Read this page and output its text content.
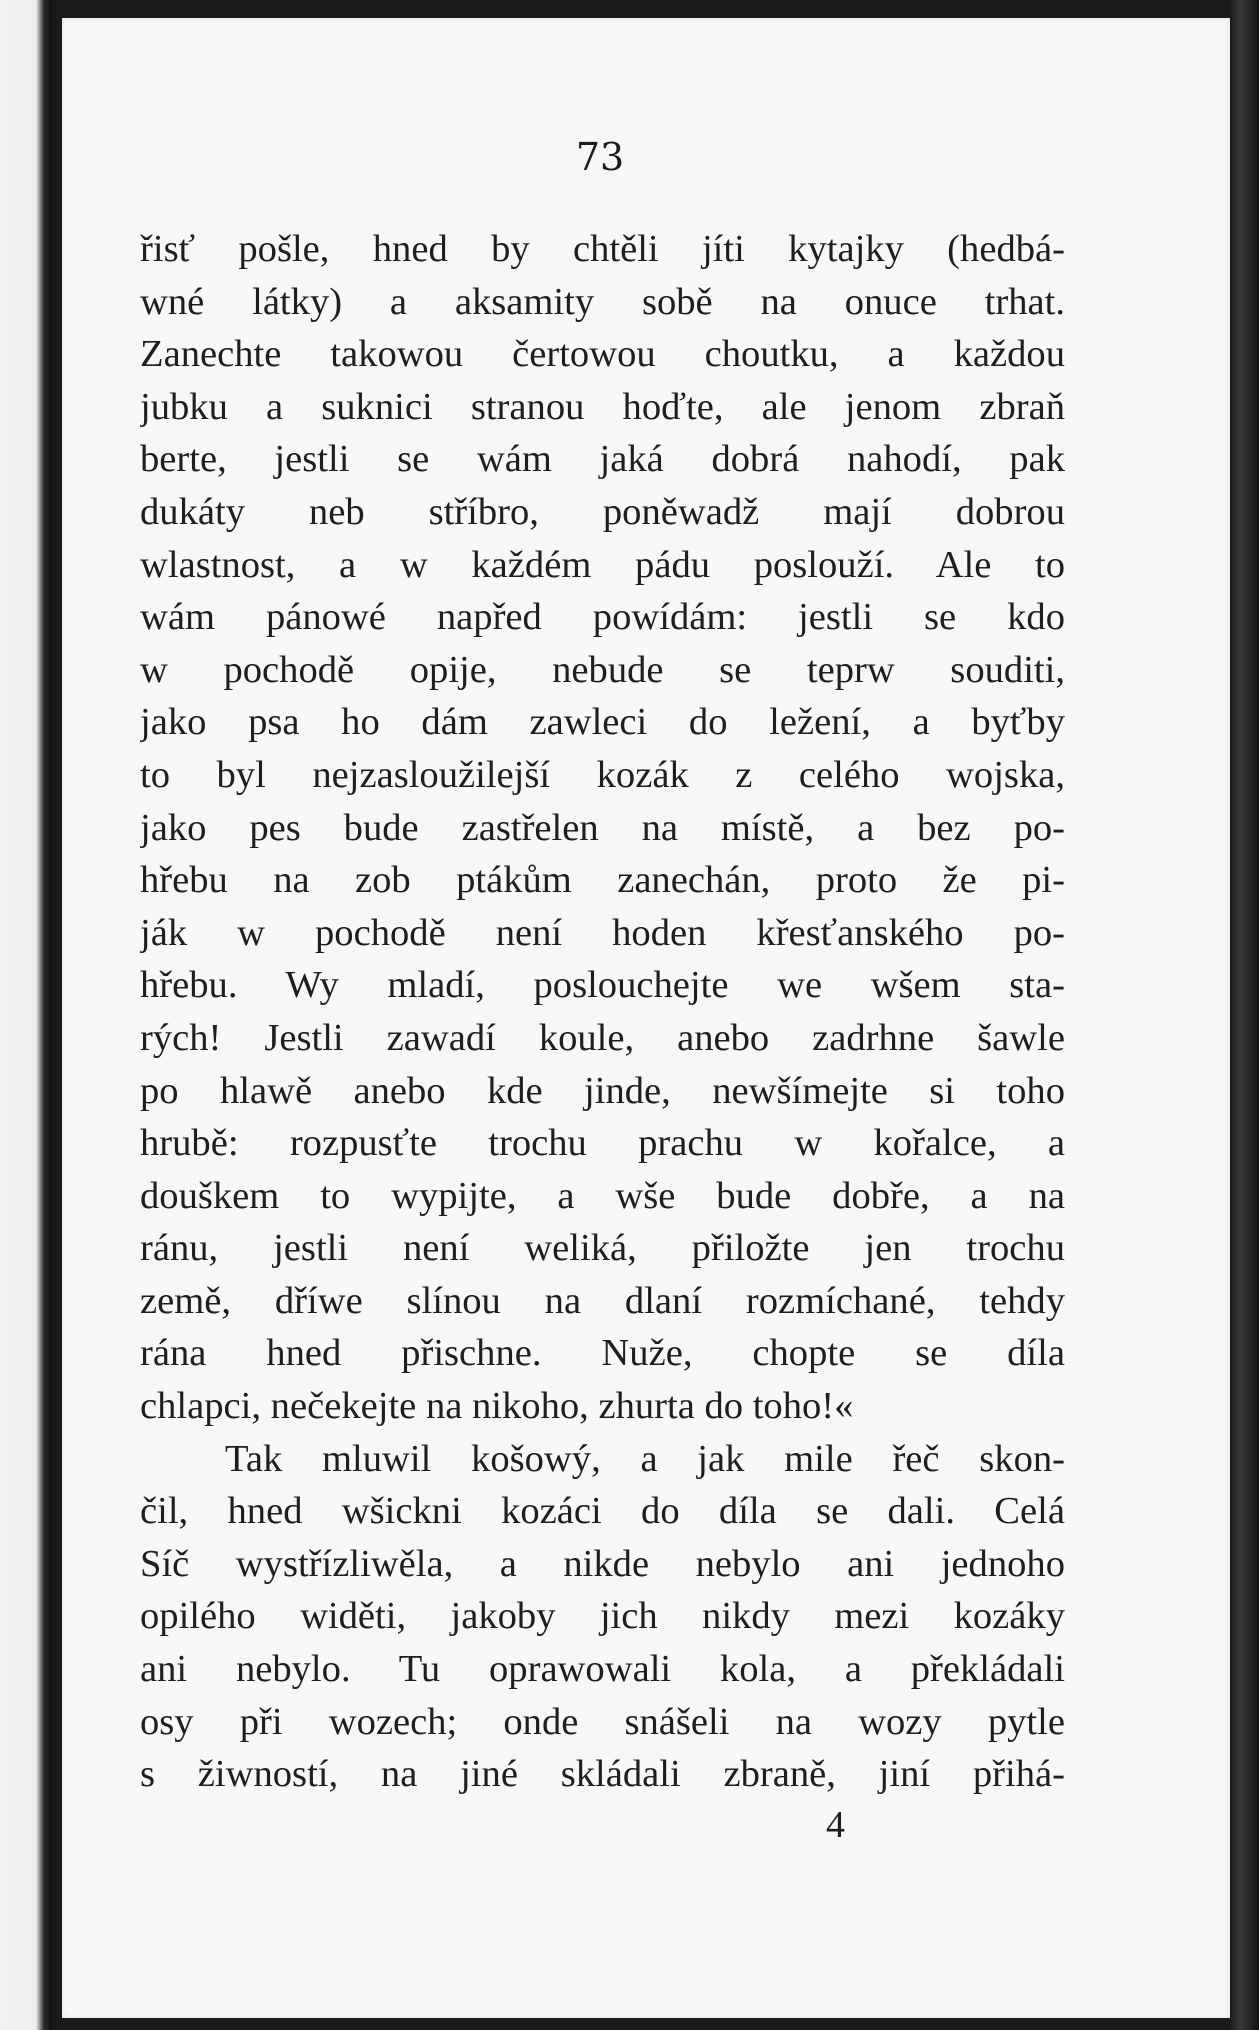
73
řisť pošle, hned by chtěli jíti kytajky (hedbá-
wné látky) a aksamity sobě na onuce trhat.
Zanechte takowou čertowou choutku, a každou
jubku a suknici stranou hoďte, ale jenom zbraň
berte, jestli se wám jaká dobrá nahodí, pak
dukáty neb stříbro, poněwadž mají dobrou
wlastnost, a w každém pádu poslouží. Ale to
wám pánowé napřed powídám: jestli se kdo
w pochodě opije, nebude se teprw souditi,
jako psa ho dám zawleci do ležení, a byťby
to byl nejzasloužilejší kozák z celého wojska,
jako pes bude zastřelen na místě, a bez po-
hřebu na zob ptákům zanechán, proto že pi-
ják w pochodě není hoden křesťanského po-
hřebu. Wy mladí, poslouchejte we wšem sta-
rých! Jestli zawadí koule, anebo zadrhne šawle
po hlawě anebo kde jinde, newšímejte si toho
hrubě: rozpusťte trochu prachu w kořalce, a
douškem to wypijte, a wše bude dobře, a na
ránu, jestli není weliká, přiložte jen trochu
země, dříwe slínou na dlaní rozmíchané, tehdy
rána hned přischne. Nuže, chopte se díla
chlapci, nečekejte na nikoho, zhurta do toho!«
Tak mluwil košowý, a jak mile řeč skon-
čil, hned wšickni kozáci do díla se dali. Celá
Síč wystřízliwěla, a nikde nebylo ani jednoho
opilého widěti, jakoby jich nikdy mezi kozáky
ani nebylo. Tu oprawowali kola, a překládali
osy při wozech; onde snášeli na wozy pytle
s žiwností, na jiné skládali zbraně, jiní přihá-
4
